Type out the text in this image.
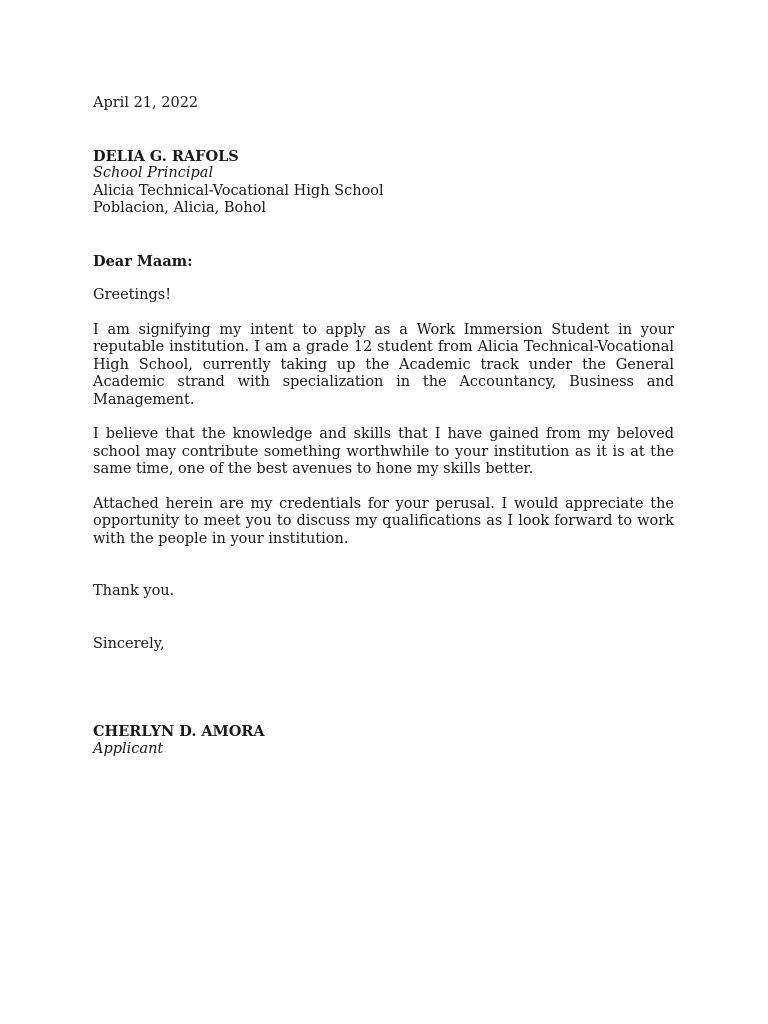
April 21, 2022
DELIA G. RAFOLS
School Principal
Alicia Technical-Vocational High School
Poblacion, Alicia, Bohol
Dear Maam:
Greetings!
I am signifying my intent to apply as a Work Immersion Student in your reputable institution. I am a grade 12 student from Alicia Technical-Vocational High School, currently taking up the Academic track under the General Academic strand with specialization in the Accountancy, Business and Management.
I believe that the knowledge and skills that I have gained from my beloved school may contribute something worthwhile to your institution as it is at the same time, one of the best avenues to hone my skills better.
Attached herein are my credentials for your perusal. I would appreciate the opportunity to meet you to discuss my qualifications as I look forward to work with the people in your institution.
Thank you.
Sincerely,
CHERLYN D. AMORA
Applicant
